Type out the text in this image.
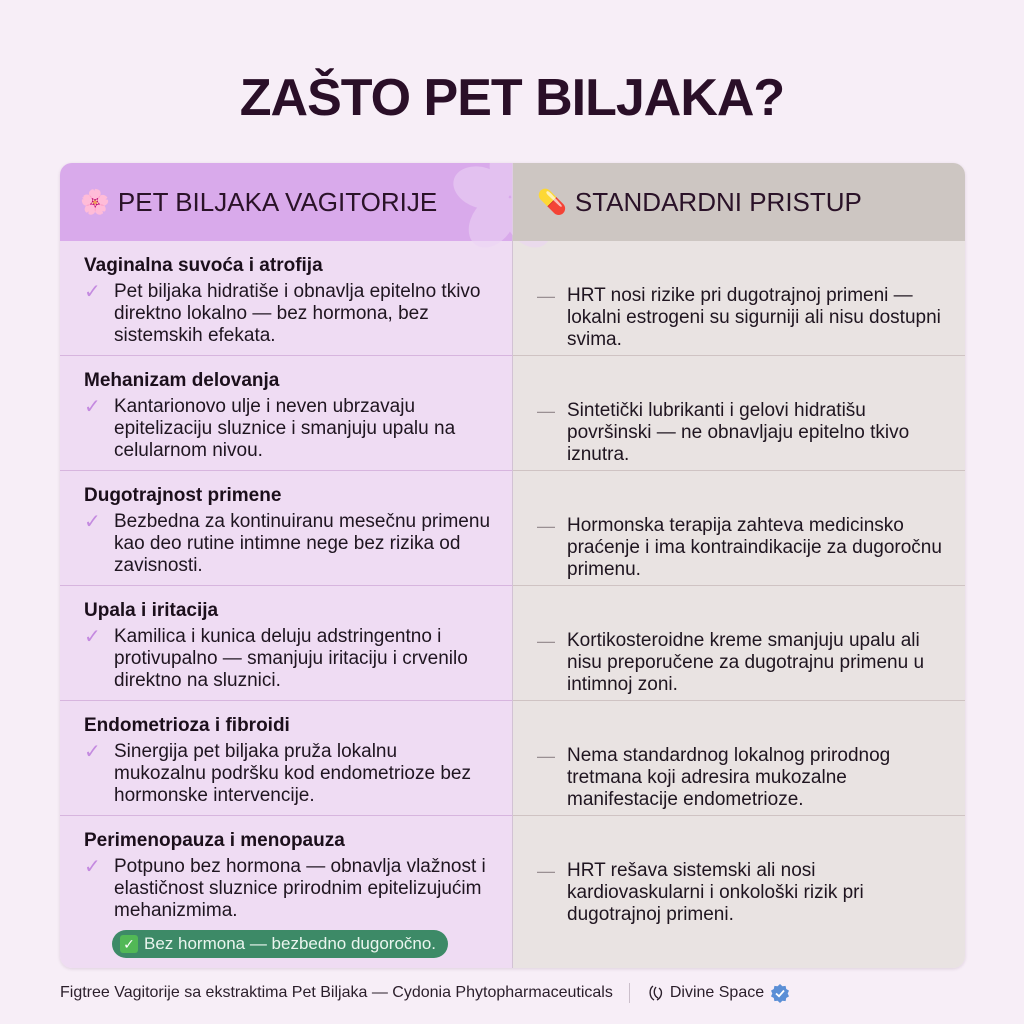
ZAŠTO PET BILJAKA?
🌸 PET BILJAKA VAGITORIJE
Vaginalna suvoća i atrofija
✓ Pet biljaka hidratiše i obnavlja epitelno tkivo direktno lokalno — bez hormona, bez sistemskih efekata.
Mehanizam delovanja
✓ Kantarionovo ulje i neven ubrzavaju epitelizaciju sluznice i smanjuju upalu na celularnom nivou.
Dugotrajnost primene
✓ Bezbedna za kontinuiranu mesečnu primenu kao deo rutine intimne nege bez rizika od zavisnosti.
Upala i iritacija
✓ Kamilica i kunica deluju adstringentno i protivupalno — smanjuju iritaciju i crvenilo direktno na sluznici.
Endometrioza i fibroidi
✓ Sinergija pet biljaka pruža lokalnu mukozalnu podršku kod endometrioze bez hormonske intervencije.
Perimenopauza i menopauza
✓ Potpuno bez hormona — obnavlja vlažnost i elastičnost sluznice prirodnim epitelizujućim mehanizmima.
✓ Bez hormona — bezbedno dugoročno.
💊 STANDARDNI PRISTUP
— HRT nosi rizike pri dugotrajnoj primeni — lokalni estrogeni su sigurniji ali nisu dostupni svima.
— Sintetički lubrikanti i gelovi hidratišu površinski — ne obnavljaju epitelno tkivo iznutra.
— Hormonska terapija zahteva medicinsko praćenje i ima kontraindikacije za dugoročnu primenu.
— Kortikosteroidne kreme smanjuju upalu ali nisu preporučene za dugotrajnu primenu u intimnoj zoni.
— Nema standardnog lokalnog prirodnog tretmana koji adresira mukozalne manifestacije endometrioze.
— HRT rešava sistemski ali nosi kardiovaskularni i onkološki rizik pri dugotrajnoj primeni.
Figtree Vagitorije sa ekstraktima Pet Biljaka — Cydonia Phytopharmaceuticals	Divine Space
